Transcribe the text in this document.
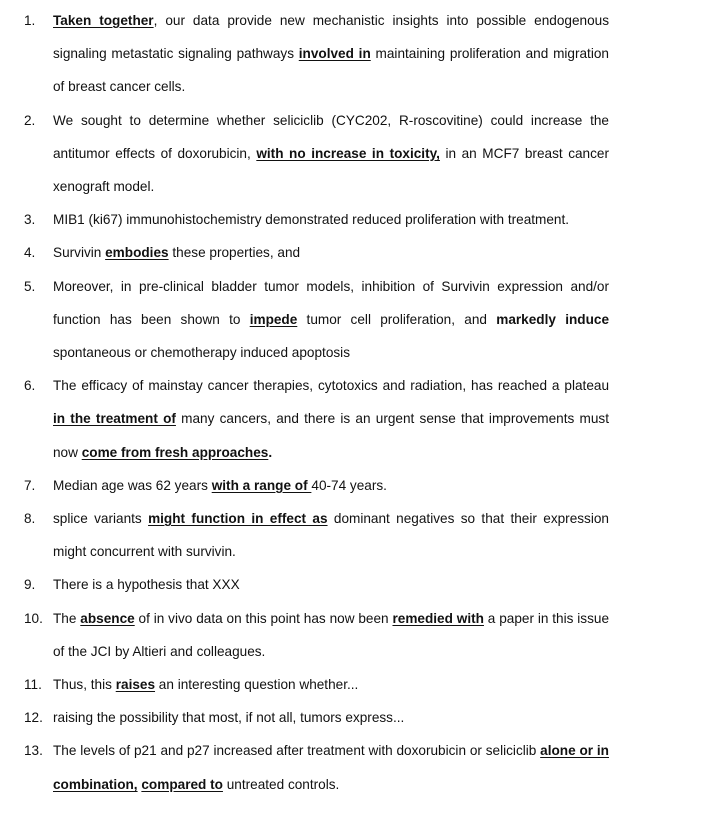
1.	Taken together, our data provide new mechanistic insights into possible endogenous signaling metastatic signaling pathways involved in maintaining proliferation and migration of breast cancer cells.
2.	We sought to determine whether seliciclib (CYC202, R-roscovitine) could increase the antitumor effects of doxorubicin, with no increase in toxicity, in an MCF7 breast cancer xenograft model.
3.	MIB1 (ki67) immunohistochemistry demonstrated reduced proliferation with treatment.
4.	Survivin embodies these properties, and
5.	Moreover, in pre-clinical bladder tumor models, inhibition of Survivin expression and/or function has been shown to impede tumor cell proliferation, and markedly induce spontaneous or chemotherapy induced apoptosis
6.	The efficacy of mainstay cancer therapies, cytotoxics and radiation, has reached a plateau in the treatment of many cancers, and there is an urgent sense that improvements must now come from fresh approaches.
7.	Median age was 62 years with a range of 40-74 years.
8.	splice variants might function in effect as dominant negatives so that their expression might concurrent with survivin.
9.	There is a hypothesis that XXX
10. The absence of in vivo data on this point has now been remedied with a paper in this issue of the JCI by Altieri and colleagues.
11. Thus, this raises an interesting question whether...
12. raising the possibility that most, if not all, tumors express...
13. The levels of p21 and p27 increased after treatment with doxorubicin or seliciclib alone or in combination, compared to untreated controls.
